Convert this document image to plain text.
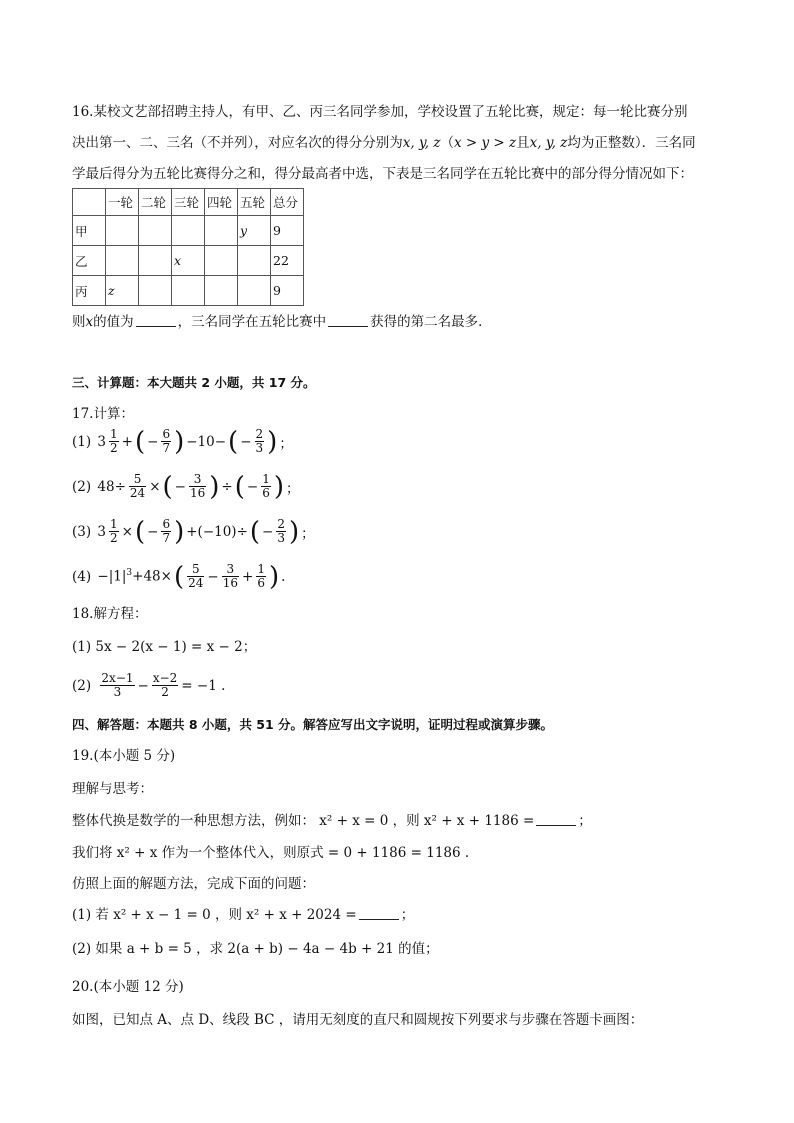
16.某校文艺部招聘主持人，有甲、乙、丙三名同学参加，学校设置了五轮比赛，规定：每一轮比赛分别
决出第一、二、三名（不并列），对应名次的得分分别为x, y, z（x > y > z且x, y, z均为正整数）．三名同
学最后得分为五轮比赛得分之和，得分最高者中选，下表是三名同学在五轮比赛中的部分得分情况如下：
	一轮	二轮	三轮	四轮	五轮	总分
甲					y	9
乙			x			22
丙	z					9
则x的值为	，三名同学在五轮比赛中	获得的第二名最多．
三、计算题：本大题共 2 小题，共 17 分。
17.计算：
(1) $3 \frac{1}{2}$ + ( − $\frac{6}{7}$ ) −10− ( − $\frac{2}{3}$ ) ；
(2) $48\div \frac{5}{24}$ × ( − $\frac{3}{16}$ ) ÷ ( − $\frac{1}{6}$ ) ；
(3) $3 \frac{1}{2}$ × ( − $\frac{6}{7}$ ) +(−10)÷ ( − $\frac{2}{3}$ ) ；
$(4) -|1|^3+48\times$ ( $\frac{5}{24} - \frac{3}{16} + \frac{1}{6}$ ) .
18.解方程：
(1) 5x − 2(x − 1) = x − 2；
(2)
$\frac{2x-1}{3} - \frac{x-2}{2} = -1$ .
四、解答题：本题共 8 小题，共 51 分。解答应写出文字说明，证明过程或演算步骤。
19.(本小题 5 分)
理解与思考：
整体代换是数学的一种思想方法，例如： x² + x = 0 ，则 x² + x + 1186 =	；
我们将 x² + x 作为一个整体代入，则原式 = 0 + 1186 = 1186 .
仿照上面的解题方法，完成下面的问题：
(1) 若 x² + x − 1 = 0 ，则 x² + x + 2024 =	；
(2) 如果 a + b = 5 ，求 2(a + b) − 4a − 4b + 21 的值；
20.(本小题 12 分)
如图，已知点 A、点 D、线段 BC ，请用无刻度的直尺和圆规按下列要求与步骤在答题卡画图：
